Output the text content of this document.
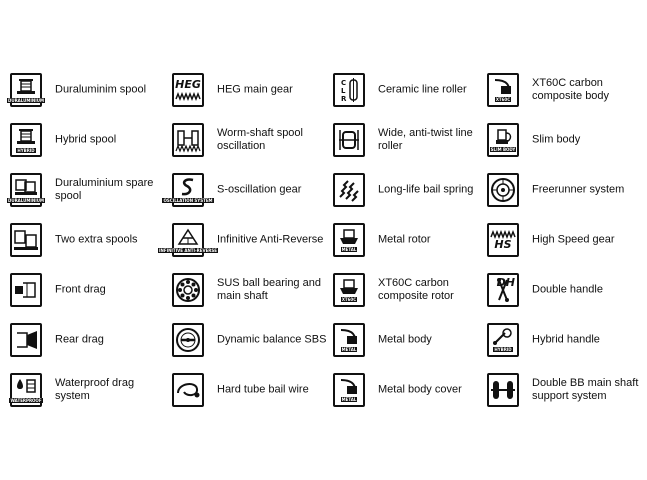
DURALUMINIUM
Duraluminim spool
HYBRID
Hybrid spool
DURALUMINIUM
Duraluminium spare spool
Two extra spools
Front drag
Rear drag
WATERPROOF
Waterproof drag system
HEG HEG main gear
Worm-shaft spool oscillation
OSCILLATION SYSTEM
S-oscillation gear
INFINITIVE ANTI-REVERSE
Infinitive Anti-Reverse
SUS ball bearing and main shaft
Dynamic balance SBS
Hard tube bail wire
C
L
R
Ceramic line roller
Wide, anti-twist line roller
Long-life bail spring
METAL
Metal rotor
XT60C
XT60C carbon composite rotor
METAL
Metal body
METAL
Metal body cover
XT60C
XT60C carbon composite body
SLIM BODY
Slim body
Freerunner system
HS High Speed gear
DH
Double handle
HYBRID
Hybrid handle
Double BB main shaft support system
